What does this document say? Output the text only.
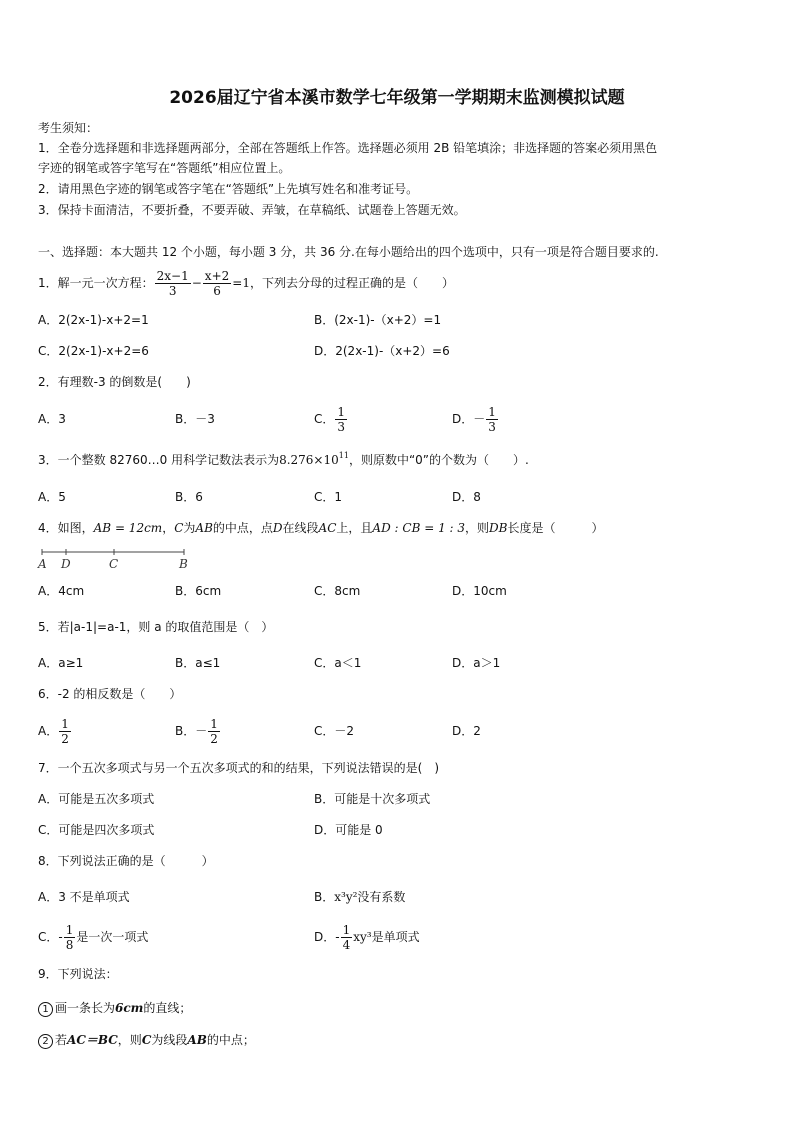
2026届辽宁省本溪市数学七年级第一学期期末监测模拟试题
考生须知：
1．全卷分选择题和非选择题两部分，全部在答题纸上作答。选择题必须用 2B 铅笔填涂；非选择题的答案必须用黑色
字迹的钢笔或答字笔写在“答题纸”相应位置上。
2．请用黑色字迹的钢笔或答字笔在“答题纸”上先填写姓名和准考证号。
3．保持卡面清洁，不要折叠，不要弄破、弄皱，在草稿纸、试题卷上答题无效。
一、选择题：本大题共 12 个小题，每小题 3 分，共 36 分.在每小题给出的四个选项中，只有一项是符合题目要求的.
1．解一元一次方程： $\frac{2x-1}{3} - \frac{x+2}{6} =1$，下列去分母的过程正确的是（　　）
A．2(2x-1)-x+2=1	B．(2x-1)-（x+2）=1
C．2(2x-1)-x+2=6	D．2(2x-1)-（x+2）=6
2．有理数-3 的倒数是(　　)
A．3	B．－3	C． $\frac{1}{3}$	D．－ $\frac{1}{3}$
3．一个整数 82760…0 用科学记数法表示为$8.276\times 10^{11}$，则原数中“0”的个数为（　　）.
A．5	B．6	C．1	D．8
4．如图，AB = 12cm，C为AB的中点，点D在线段AC上，且AD : CB = 1 : 3，则DB长度是（　　　）
A D	C	B
A．4cm	B．6cm	C．8cm	D．10cm
5．若|a-1|=a-1，则 a 的取值范围是（　）
A．a≥1	B．a≤1	C．a＜1	D．a＞1
6．-2 的相反数是（　　）
A． $\frac{1}{2}$	B．－ $\frac{1}{2}$	C．－2	D．2
7．一个五次多项式与另一个五次多项式的和的结果，下列说法错误的是(　)
A．可能是五次多项式	B．可能是十次多项式
C．可能是四次多项式	D．可能是 0
8．下列说法正确的是（　　　）
A．3 不是单项式	B．x³y²没有系数
C．- $\frac{1}{8}$ 是一次一项式	D．- $\frac{1}{4} xy^3$是单项式
9．下列说法：
1 画一条长为6cm的直线；
2 若AC＝BC，则C为线段AB的中点；
